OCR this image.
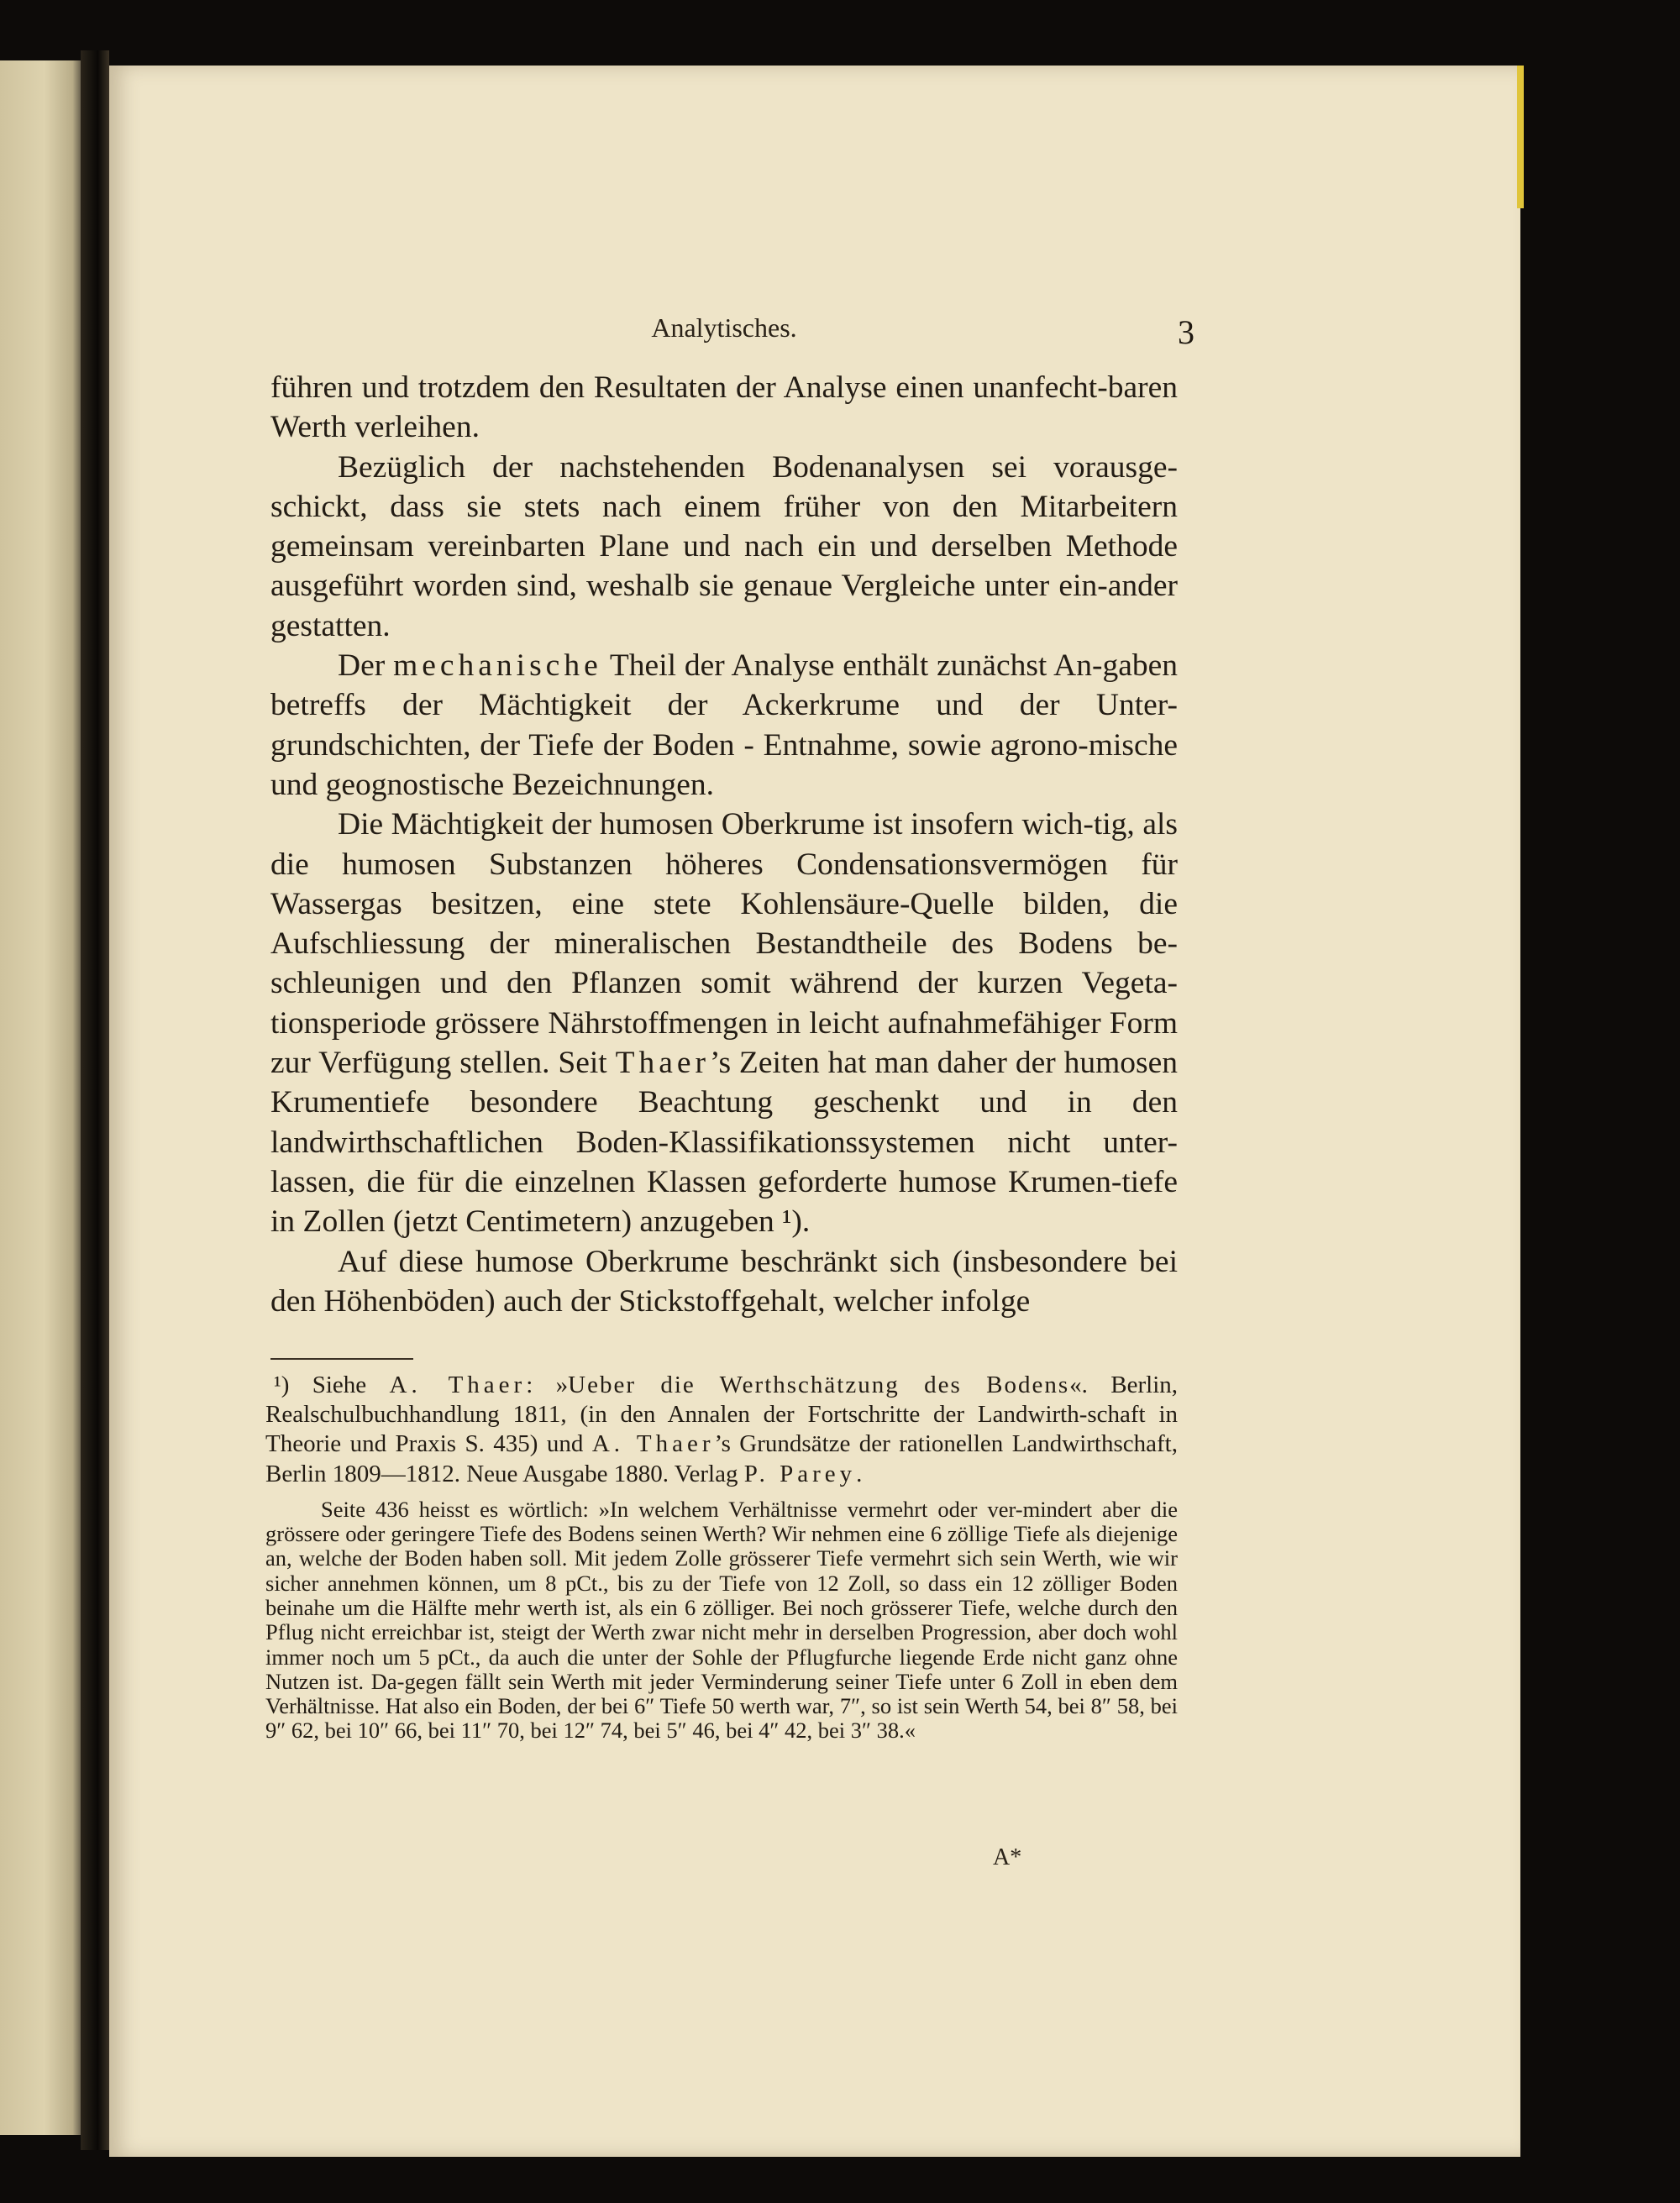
Analytisches.	3

führen und trotzdem den Resultaten der Analyse einen unanfecht-baren Werth verleihen.

Bezüglich der nachstehenden Bodenanalysen sei vorausge-schickt, dass sie stets nach einem früher von den Mitarbeitern gemeinsam vereinbarten Plane und nach ein und derselben Methode ausgeführt worden sind, weshalb sie genaue Vergleiche unter ein-ander gestatten.

Der mechanische Theil der Analyse enthält zunächst An-gaben betreffs der Mächtigkeit der Ackerkrume und der Unter-grundschichten, der Tiefe der Boden - Entnahme, sowie agrono-mische und geognostische Bezeichnungen.

Die Mächtigkeit der humosen Oberkrume ist insofern wich-tig, als die humosen Substanzen höheres Condensationsvermögen für Wassergas besitzen, eine stete Kohlensäure-Quelle bilden, die Aufschliessung der mineralischen Bestandtheile des Bodens be-schleunigen und den Pflanzen somit während der kurzen Vegeta-tionsperiode grössere Nährstoffmengen in leicht aufnahmefähiger Form zur Verfügung stellen. Seit Thaer’s Zeiten hat man daher der humosen Krumentiefe besondere Beachtung geschenkt und in den landwirthschaftlichen Boden-Klassifikationssystemen nicht unter-lassen, die für die einzelnen Klassen geforderte humose Krumen-tiefe in Zollen (jetzt Centimetern) anzugeben ¹).

Auf diese humose Oberkrume beschränkt sich (insbesondere bei den Höhenböden) auch der Stickstoffgehalt, welcher infolge

¹) Siehe A. Thaer: »Ueber die Werthschätzung des Bodens«. Berlin, Realschulbuchhandlung 1811, (in den Annalen der Fortschritte der Landwirth-schaft in Theorie und Praxis S. 435) und A. Thaer’s Grundsätze der rationellen Landwirthschaft, Berlin 1809—1812. Neue Ausgabe 1880. Verlag P. Parey.

Seite 436 heisst es wörtlich: »In welchem Verhältnisse vermehrt oder ver-mindert aber die grössere oder geringere Tiefe des Bodens seinen Werth? Wir nehmen eine 6 zöllige Tiefe als diejenige an, welche der Boden haben soll. Mit jedem Zolle grösserer Tiefe vermehrt sich sein Werth, wie wir sicher annehmen können, um 8 pCt., bis zu der Tiefe von 12 Zoll, so dass ein 12 zölliger Boden beinahe um die Hälfte mehr werth ist, als ein 6 zölliger. Bei noch grösserer Tiefe, welche durch den Pflug nicht erreichbar ist, steigt der Werth zwar nicht mehr in derselben Progression, aber doch wohl immer noch um 5 pCt., da auch die unter der Sohle der Pflugfurche liegende Erde nicht ganz ohne Nutzen ist. Da-gegen fällt sein Werth mit jeder Verminderung seiner Tiefe unter 6 Zoll in eben dem Verhältnisse. Hat also ein Boden, der bei 6″ Tiefe 50 werth war, 7″, so ist sein Werth 54, bei 8″ 58, bei 9″ 62, bei 10″ 66, bei 11″ 70, bei 12″ 74, bei 5″ 46, bei 4″ 42, bei 3″ 38.«

A*
